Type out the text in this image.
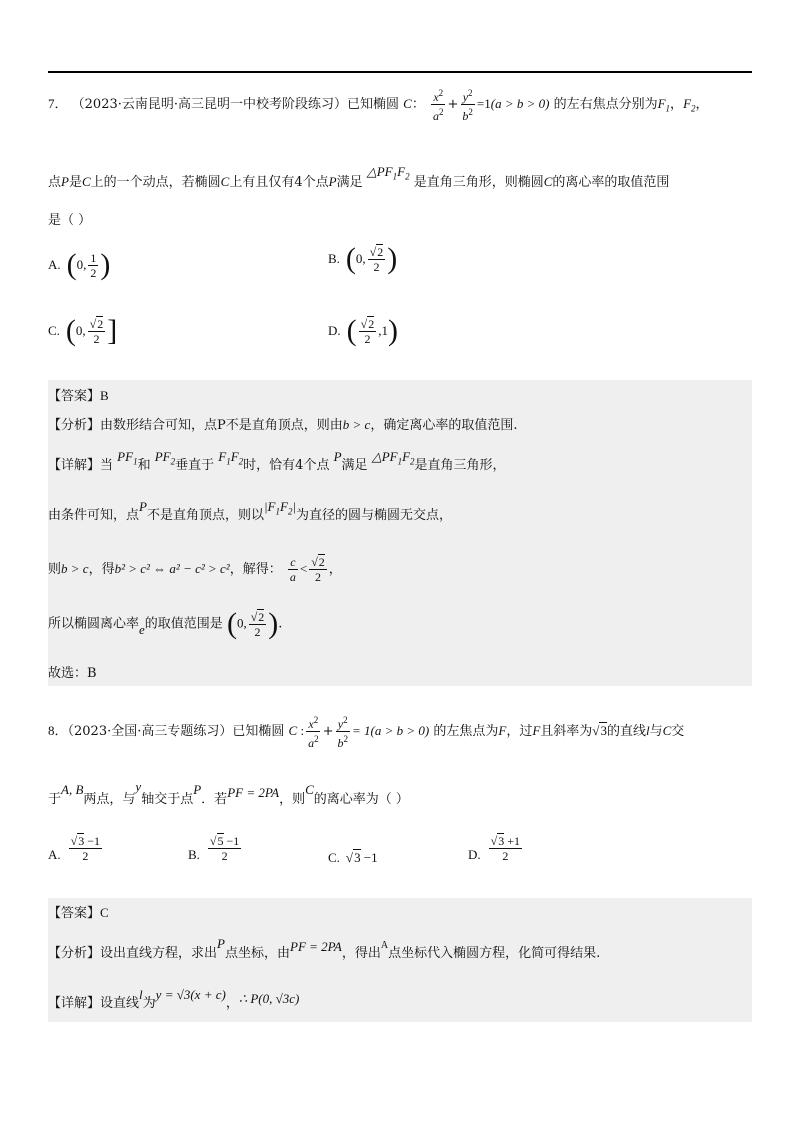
7． （2023·云南昆明·高三昆明一中校考阶段练习）已知椭圆 C： $\frac{x^2}{a^2} + \frac{y^2}{b^2} =1(a > b > 0)$ 的左右焦点分别为$F_1$，$F_2$，
点P是C上的一个动点，若椭圆C上有且仅有4个点P满足 $\triangle PF_1F_2$ 是直角三角形，则椭圆C的离心率的取值范围
是（ ）
A. ( 0, $\frac{1}{2}$ )	B. ( 0, $\frac{√2}{2}$ )
C. ( 0, $\frac{√2}{2}$ ]	D. ( $\frac{√2}{2} ,1$ )
【答案】B
【分析】由数形结合可知，点P不是直角顶点，则由b > c，确定离心率的取值范围.
【详解】当 $PF_1$和 $PF_2$垂直于 $F_1F_2$时，恰有4个点 P满足 $\triangle PF_1F_2$是直角三角形，
由条件可知，点P不是直角顶点，则以$|F_1F_2|$为直径的圆与椭圆无交点，
则b > c，得b² > c² ⇔ a² − c² > c²，解得： $\frac{c}{a} < \frac{√2}{2}$ ，
所以椭圆离心率e的取值范围是 (0, $\frac{√2}{2}$ ).
故选：B
8．（2023·全国·高三专题练习）已知椭圆 C : $\frac{x^2}{a^2} + \frac{y^2}{b^2} = 1(a > b > 0)$ 的左焦点为F，过F且斜率为√3的直线l与C交
于A, B两点，与y轴交于点P．若PF = 2PA，则C的离心率为（ ）
A. $\frac{√3 -1}{2}$	B. $\frac{√5 -1}{2}$	C. √3 −1	D. $\frac{√3 +1}{2}$
【答案】C
【分析】设出直线方程，求出P点坐标，由PF = 2PA，得出$^A$点坐标代入椭圆方程，化简可得结果.
【详解】设直线l为y = √3(x + c)，∴ P(0, √3c)
